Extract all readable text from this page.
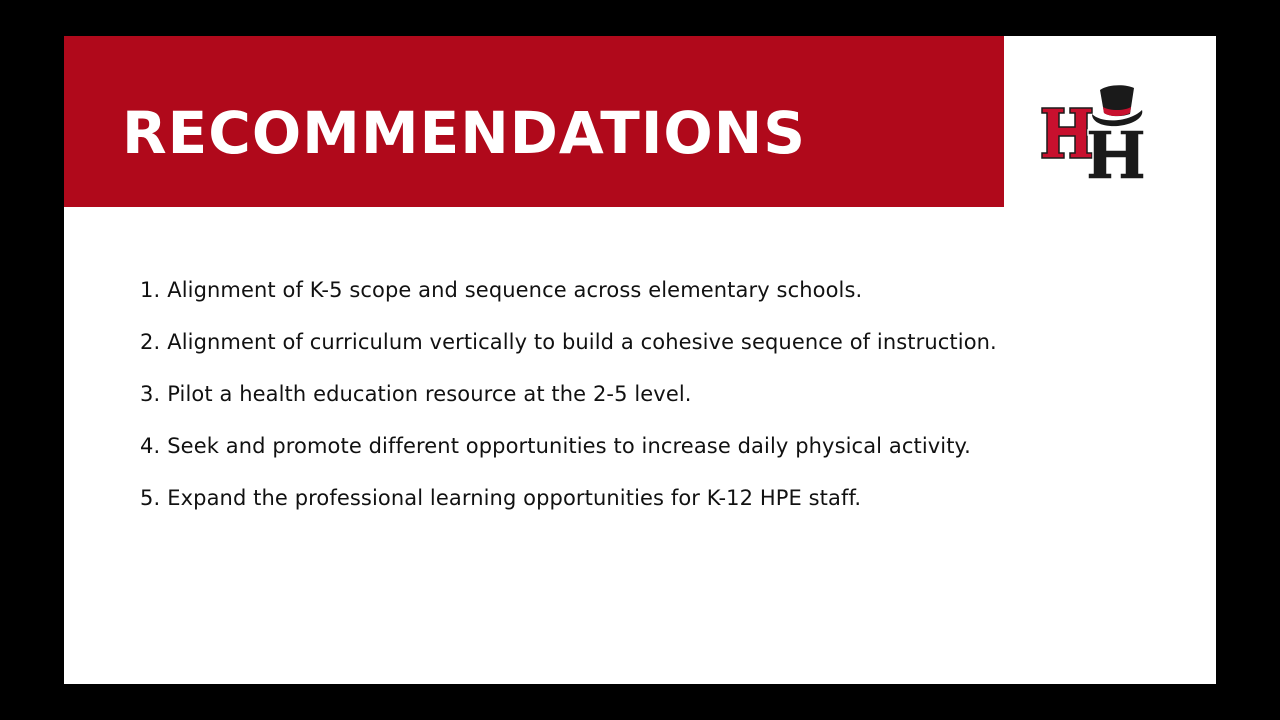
RECOMMENDATIONS
1. Alignment of K-5 scope and sequence across elementary schools.
2. Alignment of curriculum vertically to build a cohesive sequence of instruction.
3. Pilot a health education resource at the 2-5 level.
4. Seek and promote different opportunities to increase daily physical activity.
5. Expand the professional learning opportunities for K-12 HPE staff.
